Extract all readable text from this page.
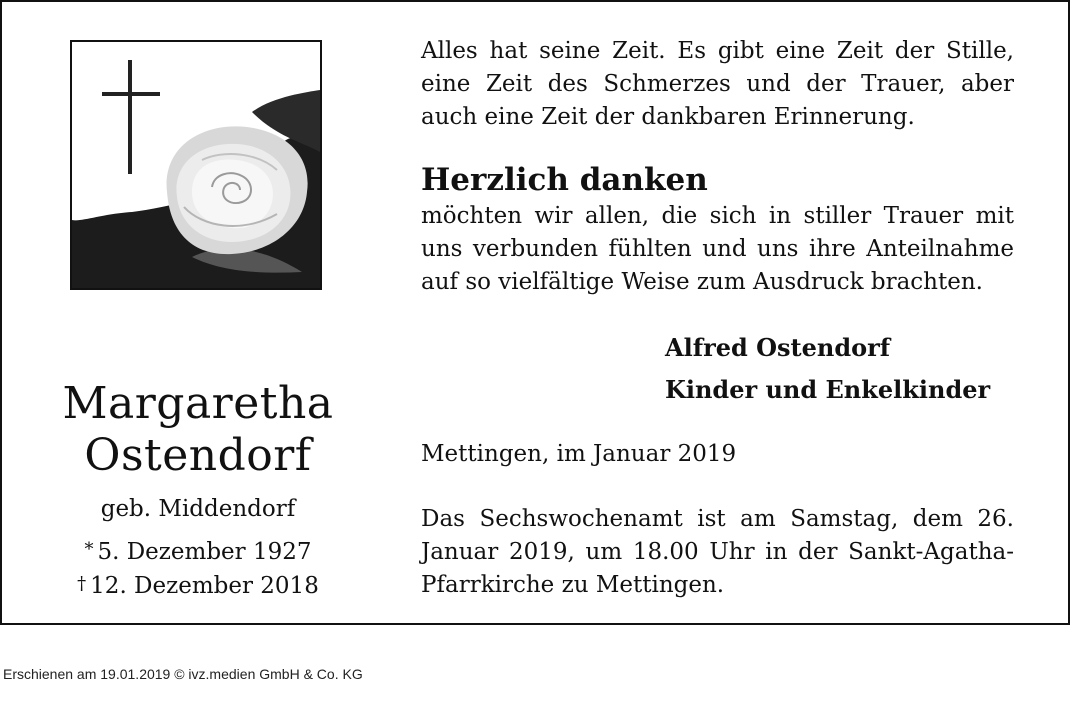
Margaretha
Ostendorf
geb. Middendorf
* 5. Dezember 1927
† 12. Dezember 2018
Alles hat seine Zeit. Es gibt eine Zeit der Stille, eine Zeit des Schmerzes und der Trauer, aber auch eine Zeit der dankbaren Erinnerung.
Herzlich danken
möchten wir allen, die sich in stiller Trauer mit uns verbunden fühlten und uns ihre Anteilnahme auf so vielfältige Weise zum Ausdruck brachten.
Alfred Ostendorf
Kinder und Enkelkinder
Mettingen, im Januar 2019
Das Sechswochenamt ist am Samstag, dem 26. Januar 2019, um 18.00 Uhr in der Sankt-Agatha-Pfarrkirche zu Mettingen.
Erschienen am 19.01.2019 © ivz.medien GmbH & Co. KG
